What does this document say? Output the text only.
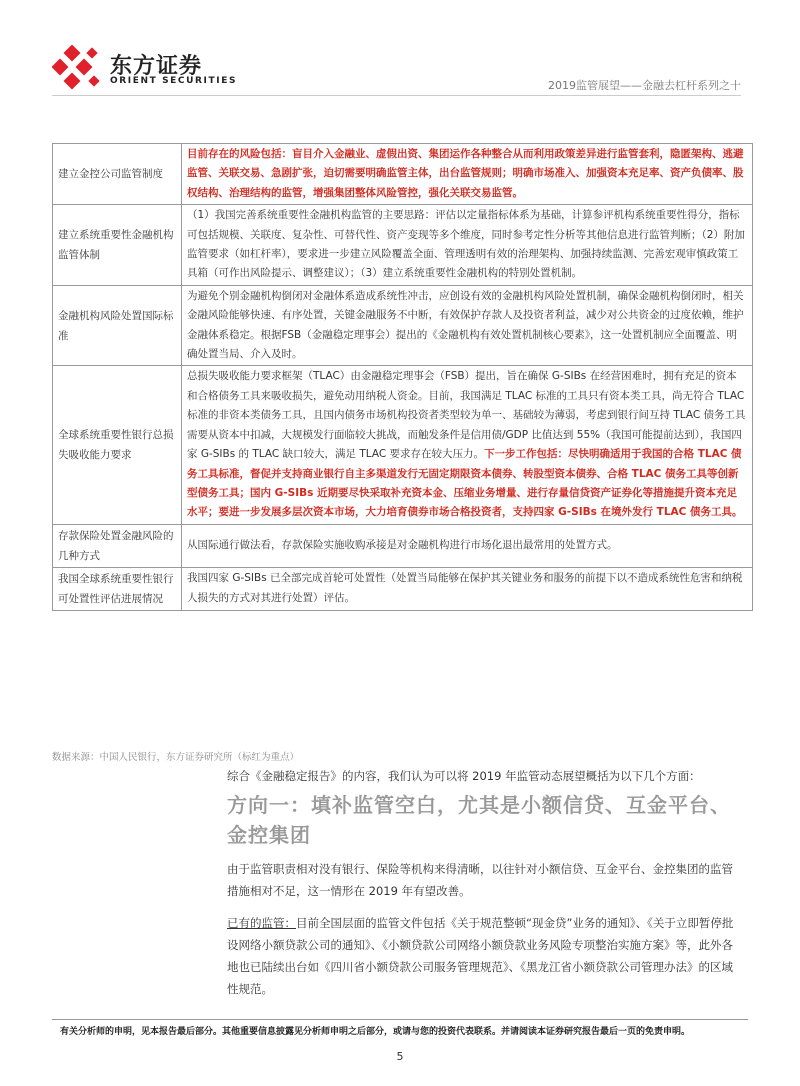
东方证券
ORIENT SECURITIES	2019监管展望——金融去杠杆系列之十
建立金控公司监管制度	目前存在的风险包括：盲目介入金融业、虚假出资、集团运作各种整合从而利用政策差异进行监管套利，隐匿架构、逃避监管、关联交易、急剧扩张，迫切需要明确监管主体，出台监管规则；明确市场准入、加强资本充足率、资产负债率、股权结构、治理结构的监管，增强集团整体风险管控，强化关联交易监管。
建立系统重要性金融机构监管体制	（1）我国完善系统重要性金融机构监管的主要思路：评估以定量指标体系为基础，计算参评机构系统重要性得分，指标可包括规模、关联度、复杂性、可替代性、资产变现等多个维度，同时参考定性分析等其他信息进行监管判断；（2）附加监管要求（如杠杆率），要求进一步建立风险覆盖全面、管理透明有效的治理架构、加强持续监测、完善宏观审慎政策工具箱（可作出风险提示、调整建议）；（3）建立系统重要性金融机构的特别处置机制。
金融机构风险处置国际标准	为避免个别金融机构倒闭对金融体系造成系统性冲击，应创设有效的金融机构风险处置机制，确保金融机构倒闭时，相关金融风险能够快速、有序处置，关键金融服务不中断，有效保护存款人及投资者利益，减少对公共资金的过度依赖，维护金融体系稳定。根据FSB（金融稳定理事会）提出的《金融机构有效处置机制核心要素》，这一处置机制应全面覆盖、明确处置当局、介入及时。
全球系统重要性银行总损失吸收能力要求	总损失吸收能力要求框架（TLAC）由金融稳定理事会（FSB）提出，旨在确保 G-SIBs 在经营困难时，拥有充足的资本和合格债务工具来吸收损失，避免动用纳税人资金。目前，我国满足 TLAC 标准的工具只有资本类工具，尚无符合 TLAC 标准的非资本类债务工具，且国内债务市场机构投资者类型较为单一、基础较为薄弱，考虑到银行间互持 TLAC 债务工具需要从资本中扣减，大规模发行面临较大挑战，而触发条件是信用债/GDP 比值达到 55%（我国可能提前达到），我国四家 G-SIBs 的 TLAC 缺口较大，满足 TLAC 要求存在较大压力。下一步工作包括：尽快明确适用于我国的合格 TLAC 债务工具标准，督促并支持商业银行自主多渠道发行无固定期限资本债券、转股型资本债券、合格 TLAC 债务工具等创新型债务工具；国内 G-SIBs 近期要尽快采取补充资本金、压缩业务增量、进行存量信贷资产证券化等措施提升资本充足水平；要进一步发展多层次资本市场，大力培育债券市场合格投资者，支持四家 G-SIBs 在境外发行 TLAC 债务工具。
存款保险处置金融风险的几种方式	从国际通行做法看，存款保险实施收购承接是对金融机构进行市场化退出最常用的处置方式。
我国全球系统重要性银行可处置性评估进展情况	我国四家 G-SIBs 已全部完成首轮可处置性（处置当局能够在保护其关键业务和服务的前提下以不造成系统性危害和纳税人损失的方式对其进行处置）评估。
数据来源：中国人民银行，东方证券研究所（标红为重点）
综合《金融稳定报告》的内容，我们认为可以将 2019 年监管动态展望概括为以下几个方面：
方向一：填补监管空白，尤其是小额信贷、互金平台、金控集团
由于监管职责相对没有银行、保险等机构来得清晰，以往针对小额信贷、互金平台、金控集团的监管措施相对不足，这一情形在 2019 年有望改善。
已有的监管：目前全国层面的监管文件包括《关于规范整顿“现金贷”业务的通知》、《关于立即暂停批设网络小额贷款公司的通知》、《小额贷款公司网络小额贷款业务风险专项整治实施方案》等，此外各地也已陆续出台如《四川省小额贷款公司服务管理规范》、《黑龙江省小额贷款公司管理办法》的区域性规范。
有关分析师的申明，见本报告最后部分。其他重要信息披露见分析师申明之后部分，或请与您的投资代表联系。并请阅读本证券研究报告最后一页的免责申明。
5
